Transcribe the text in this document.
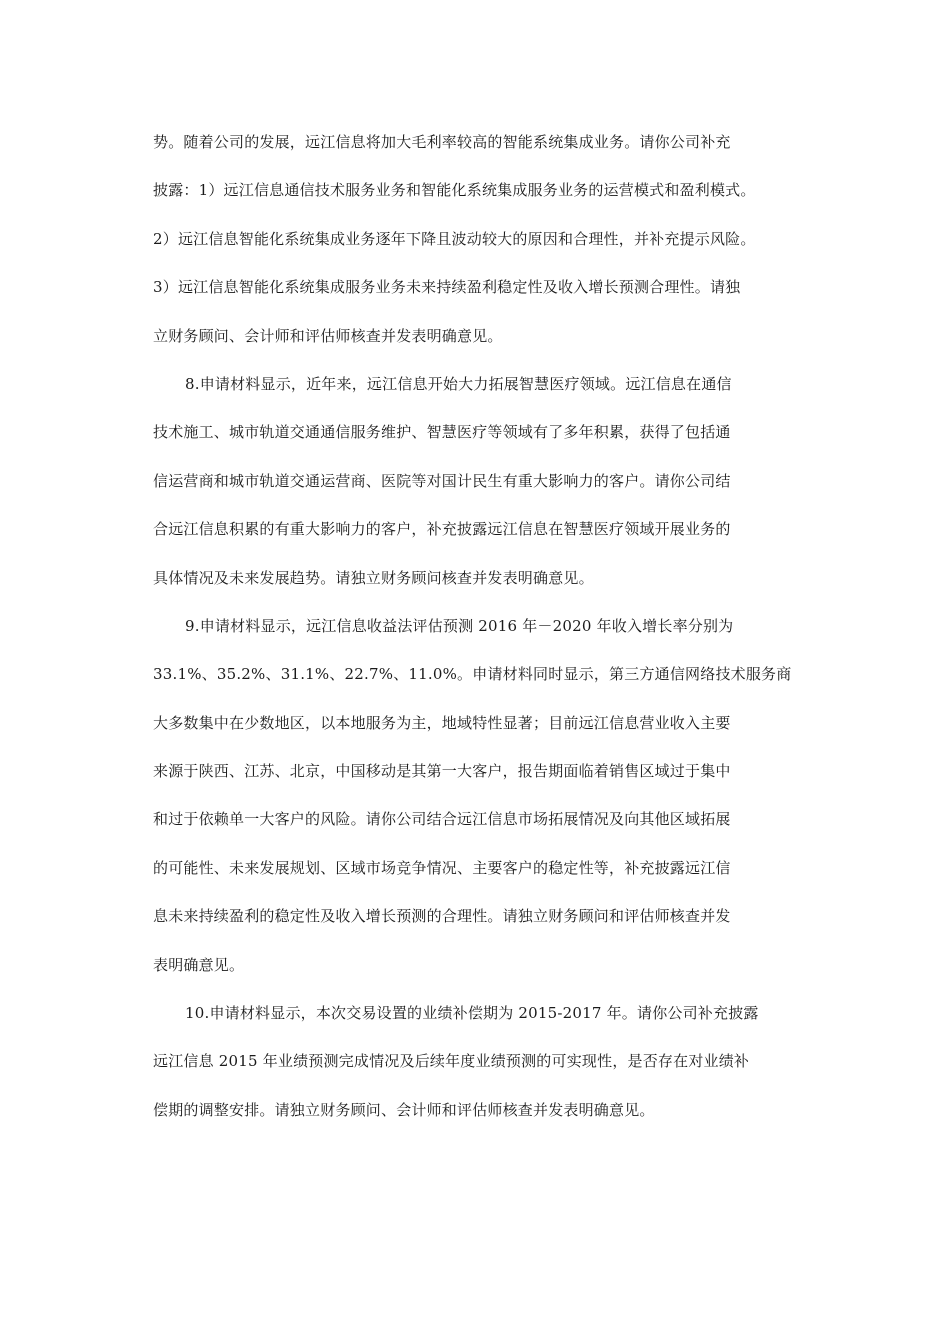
势。随着公司的发展，远江信息将加大毛利率较高的智能系统集成业务。请你公司补充
披露：1）远江信息通信技术服务业务和智能化系统集成服务业务的运营模式和盈利模式。
2）远江信息智能化系统集成业务逐年下降且波动较大的原因和合理性，并补充提示风险。
3）远江信息智能化系统集成服务业务未来持续盈利稳定性及收入增长预测合理性。请独
立财务顾问、会计师和评估师核查并发表明确意见。
8.申请材料显示，近年来，远江信息开始大力拓展智慧医疗领域。远江信息在通信
技术施工、城市轨道交通通信服务维护、智慧医疗等领域有了多年积累，获得了包括通
信运营商和城市轨道交通运营商、医院等对国计民生有重大影响力的客户。请你公司结
合远江信息积累的有重大影响力的客户，补充披露远江信息在智慧医疗领域开展业务的
具体情况及未来发展趋势。请独立财务顾问核查并发表明确意见。
9.申请材料显示，远江信息收益法评估预测 2016 年－2020 年收入增长率分别为
33.1%、35.2%、31.1%、22.7%、11.0%。申请材料同时显示，第三方通信网络技术服务商
大多数集中在少数地区，以本地服务为主，地域特性显著；目前远江信息营业收入主要
来源于陕西、江苏、北京，中国移动是其第一大客户，报告期面临着销售区域过于集中
和过于依赖单一大客户的风险。请你公司结合远江信息市场拓展情况及向其他区域拓展
的可能性、未来发展规划、区域市场竞争情况、主要客户的稳定性等，补充披露远江信
息未来持续盈利的稳定性及收入增长预测的合理性。请独立财务顾问和评估师核查并发
表明确意见。
10.申请材料显示，本次交易设置的业绩补偿期为 2015-2017 年。请你公司补充披露
远江信息 2015 年业绩预测完成情况及后续年度业绩预测的可实现性，是否存在对业绩补
偿期的调整安排。请独立财务顾问、会计师和评估师核查并发表明确意见。
